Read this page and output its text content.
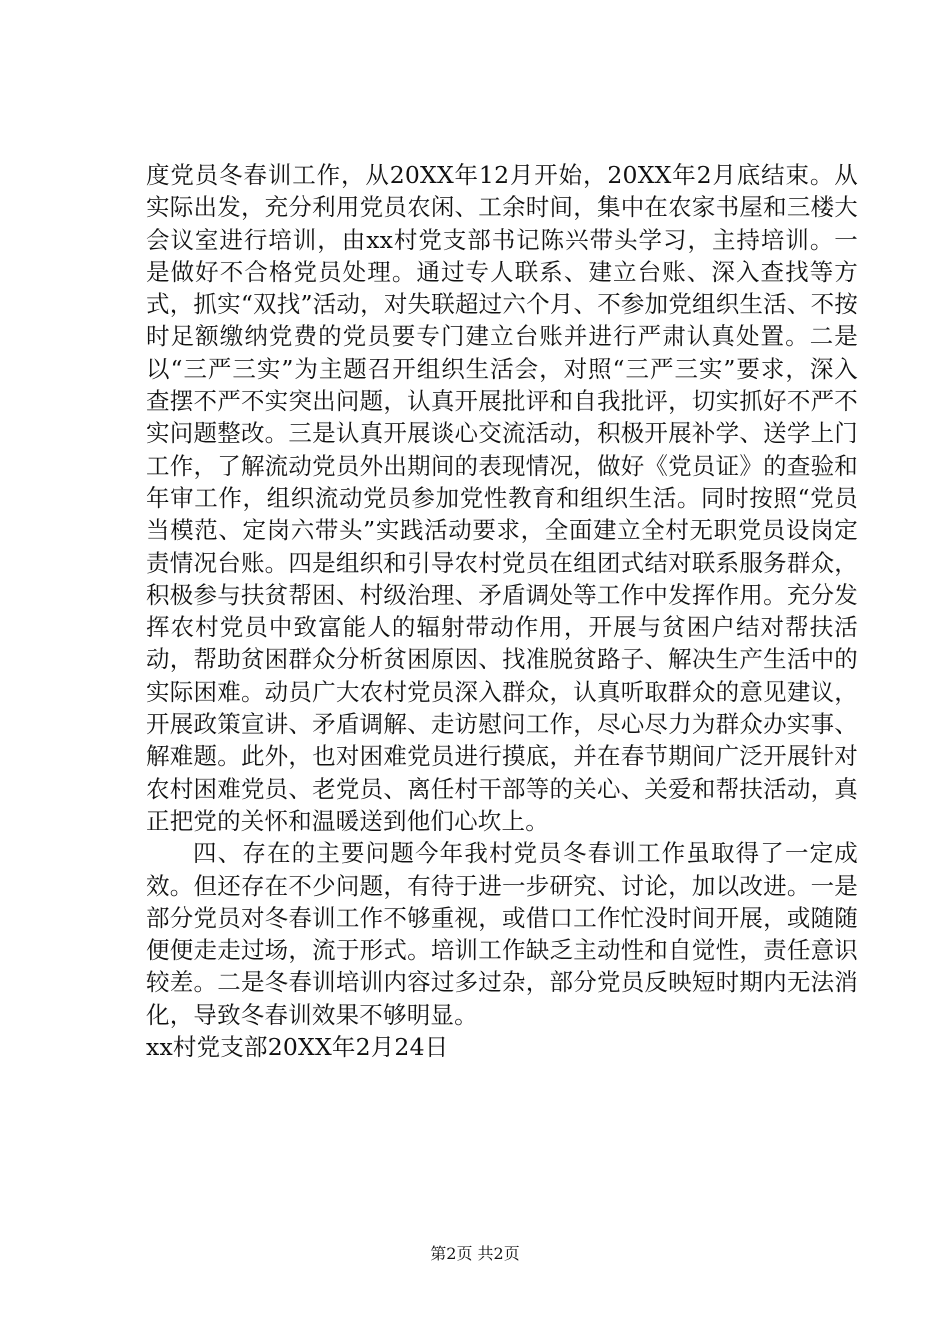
度党员冬春训工作，从20XX年12月开始，20XX年2月底结束。从实际出发，充分利用党员农闲、工余时间，集中在农家书屋和三楼大会议室进行培训，由xx村党支部书记陈兴带头学习，主持培训。一是做好不合格党员处理。通过专人联系、建立台账、深入查找等方式，抓实“双找”活动，对失联超过六个月、不参加党组织生活、不按时足额缴纳党费的党员要专门建立台账并进行严肃认真处置。二是以“三严三实”为主题召开组织生活会，对照“三严三实”要求，深入查摆不严不实突出问题，认真开展批评和自我批评，切实抓好不严不实问题整改。三是认真开展谈心交流活动，积极开展补学、送学上门工作，了解流动党员外出期间的表现情况，做好《党员证》的查验和年审工作，组织流动党员参加党性教育和组织生活。同时按照“党员当模范、定岗六带头”实践活动要求，全面建立全村无职党员设岗定责情况台账。四是组织和引导农村党员在组团式结对联系服务群众，积极参与扶贫帮困、村级治理、矛盾调处等工作中发挥作用。充分发挥农村党员中致富能人的辐射带动作用，开展与贫困户结对帮扶活动，帮助贫困群众分析贫困原因、找准脱贫路子、解决生产生活中的实际困难。动员广大农村党员深入群众，认真听取群众的意见建议，开展政策宣讲、矛盾调解、走访慰问工作，尽心尽力为群众办实事、解难题。此外，也对困难党员进行摸底，并在春节期间广泛开展针对农村困难党员、老党员、离任村干部等的关心、关爱和帮扶活动，真正把党的关怀和温暖送到他们心坎上。

四、存在的主要问题今年我村党员冬春训工作虽取得了一定成效。但还存在不少问题，有待于进一步研究、讨论，加以改进。一是部分党员对冬春训工作不够重视，或借口工作忙没时间开展，或随随便便走走过场，流于形式。培训工作缺乏主动性和自觉性，责任意识较差。二是冬春训培训内容过多过杂，部分党员反映短时期内无法消化，导致冬春训效果不够明显。

xx村党支部20XX年2月24日

第2页 共2页
